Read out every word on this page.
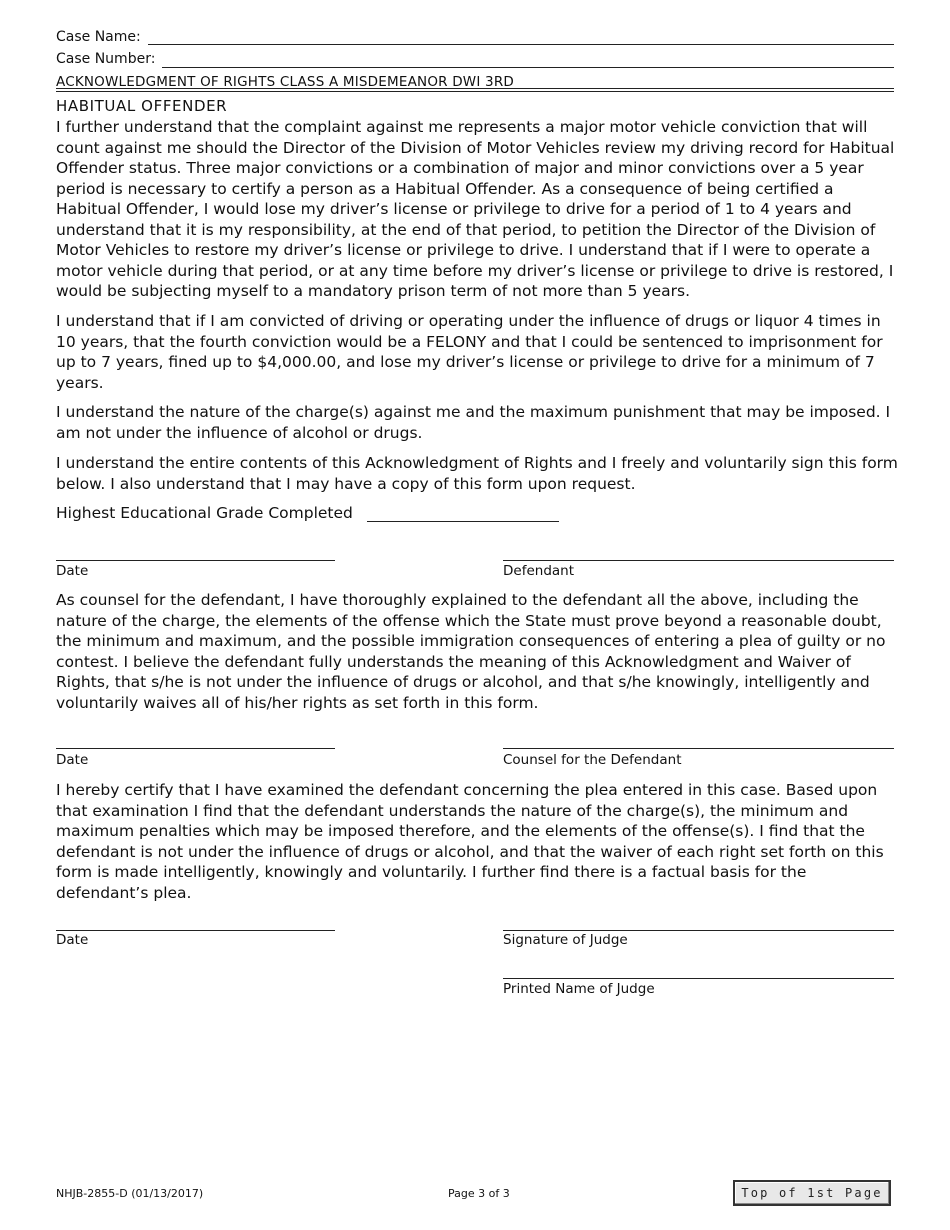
Case Name:
Case Number:
ACKNOWLEDGMENT OF RIGHTS CLASS A MISDEMEANOR DWI 3RD
HABITUAL OFFENDER

I further understand that the complaint against me represents a major motor vehicle conviction that will count against me should the Director of the Division of Motor Vehicles review my driving record for Habitual Offender status. Three major convictions or a combination of major and minor convictions over a 5 year period is necessary to certify a person as a Habitual Offender. As a consequence of being certified a Habitual Offender, I would lose my driver’s license or privilege to drive for a period of 1 to 4 years and understand that it is my responsibility, at the end of that period, to petition the Director of the Division of Motor Vehicles to restore my driver’s license or privilege to drive. I understand that if I were to operate a motor vehicle during that period, or at any time before my driver’s license or privilege to drive is restored, I would be subjecting myself to a mandatory prison term of not more than 5 years.

I understand that if I am convicted of driving or operating under the influence of drugs or liquor 4 times in 10 years, that the fourth conviction would be a FELONY and that I could be sentenced to imprisonment for up to 7 years, fined up to $4,000.00, and lose my driver’s license or privilege to drive for a minimum of 7 years.

I understand the nature of the charge(s) against me and the maximum punishment that may be imposed. I am not under the influence of alcohol or drugs.

I understand the entire contents of this Acknowledgment of Rights and I freely and voluntarily sign this form below. I also understand that I may have a copy of this form upon request.

Highest Educational Grade Completed
Date	Defendant

As counsel for the defendant, I have thoroughly explained to the defendant all the above, including the nature of the charge, the elements of the offense which the State must prove beyond a reasonable doubt, the minimum and maximum, and the possible immigration consequences of entering a plea of guilty or no contest. I believe the defendant fully understands the meaning of this Acknowledgment and Waiver of Rights, that s/he is not under the influence of drugs or alcohol, and that s/he knowingly, intelligently and voluntarily waives all of his/her rights as set forth in this form.

Date	Counsel for the Defendant

I hereby certify that I have examined the defendant concerning the plea entered in this case. Based upon that examination I find that the defendant understands the nature of the charge(s), the minimum and maximum penalties which may be imposed therefore, and the elements of the offense(s). I find that the defendant is not under the influence of drugs or alcohol, and that the waiver of each right set forth on this form is made intelligently, knowingly and voluntarily. I further find there is a factual basis for the defendant’s plea.

Date	Signature of Judge
Printed Name of Judge
NHJB-2855-D (01/13/2017)	Page 3 of 3	Top of 1st Page
